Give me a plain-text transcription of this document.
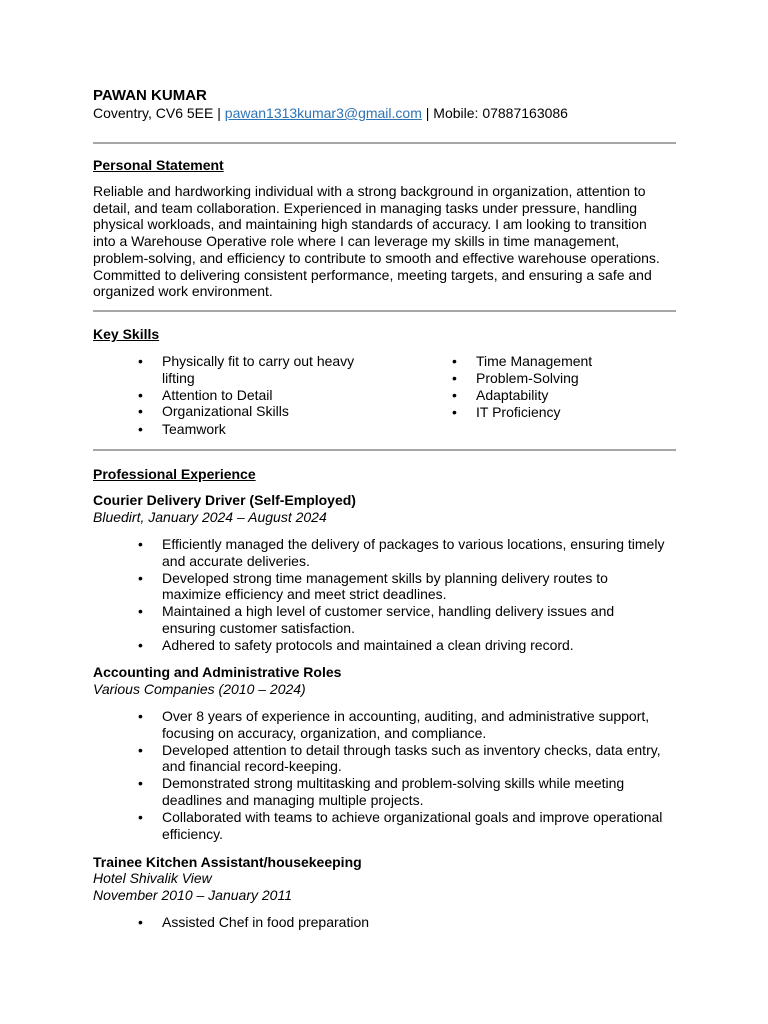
PAWAN KUMAR
Coventry, CV6 5EE | pawan1313kumar3@gmail.com | Mobile: 07887163086
Personal Statement
Reliable and hardworking individual with a strong background in organization, attention to
detail, and team collaboration. Experienced in managing tasks under pressure, handling
physical workloads, and maintaining high standards of accuracy. I am looking to transition
into a Warehouse Operative role where I can leverage my skills in time management,
problem-solving, and efficiency to contribute to smooth and effective warehouse operations.
Committed to delivering consistent performance, meeting targets, and ensuring a safe and
organized work environment.
Key Skills
• Physically fit to carry out heavy
lifting
• Attention to Detail
• Organizational Skills
• Teamwork
• Time Management
• Problem-Solving
• Adaptability
• IT Proficiency
Professional Experience
Courier Delivery Driver (Self-Employed)
Bluedirt, January 2024 – August 2024
• Efficiently managed the delivery of packages to various locations, ensuring timely
and accurate deliveries.
• Developed strong time management skills by planning delivery routes to
maximize efficiency and meet strict deadlines.
• Maintained a high level of customer service, handling delivery issues and
ensuring customer satisfaction.
• Adhered to safety protocols and maintained a clean driving record.
Accounting and Administrative Roles
Various Companies (2010 – 2024)
• Over 8 years of experience in accounting, auditing, and administrative support,
focusing on accuracy, organization, and compliance.
• Developed attention to detail through tasks such as inventory checks, data entry,
and financial record-keeping.
• Demonstrated strong multitasking and problem-solving skills while meeting
deadlines and managing multiple projects.
• Collaborated with teams to achieve organizational goals and improve operational
efficiency.
Trainee Kitchen Assistant/housekeeping
Hotel Shivalik View
November 2010 – January 2011
• Assisted Chef in food preparation
